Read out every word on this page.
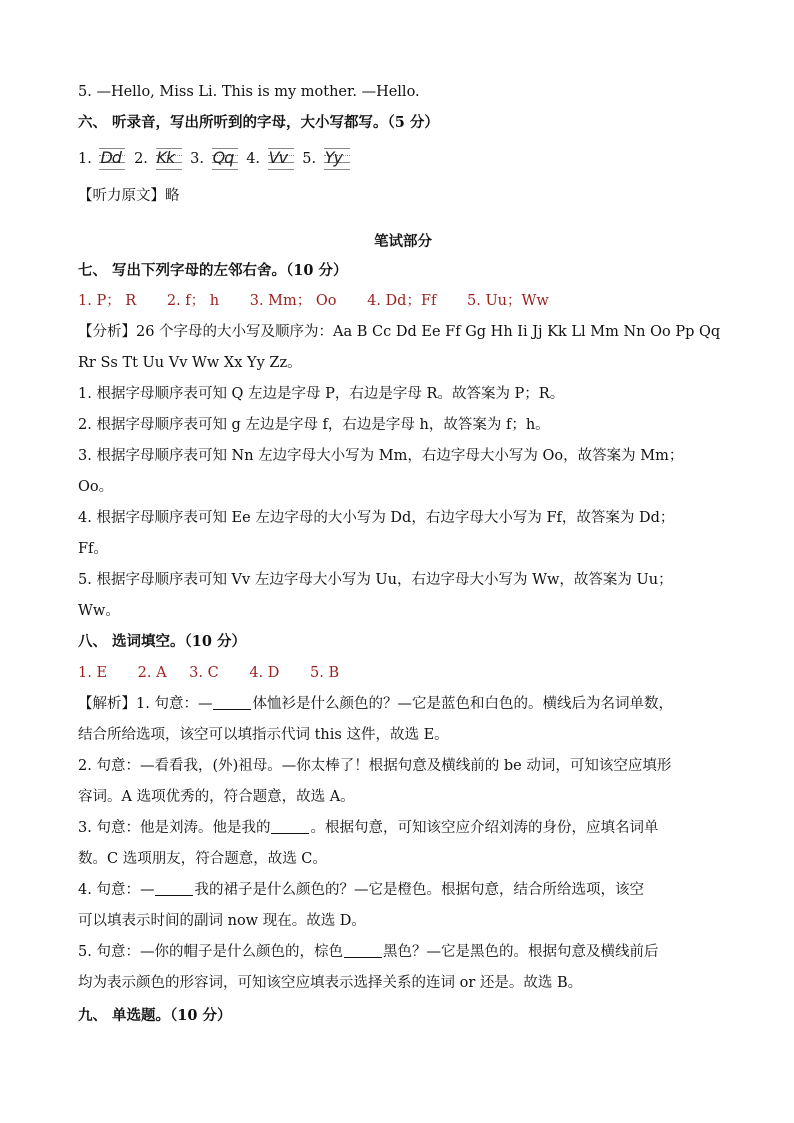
5. —Hello, Miss Li. This is my mother. —Hello.
六、 听录音，写出所听到的字母，大小写都写。（5 分）
1. Dd 2. Kk 3. Qq 4. Vv 5. Yy
【听力原文】略
笔试部分
七、 写出下列字母的左邻右舍。（10 分）
1. P； R 2. f； h 3. Mm； Oo 4. Dd；Ff 5. Uu；Ww
【分析】26 个字母的大小写及顺序为：Aa B Cc Dd Ee Ff Gg Hh Ii Jj Kk Ll Mm Nn Oo Pp Qq
Rr Ss Tt Uu Vv Ww Xx Yy Zz。
1. 根据字母顺序表可知 Q 左边是字母 P，右边是字母 R。故答案为 P；R。
2. 根据字母顺序表可知 g 左边是字母 f，右边是字母 h，故答案为 f；h。
3. 根据字母顺序表可知 Nn 左边字母大小写为 Mm，右边字母大小写为 Oo，故答案为 Mm；
Oo。
4. 根据字母顺序表可知 Ee 左边字母的大小写为 Dd，右边字母大小写为 Ff，故答案为 Dd；
Ff。
5. 根据字母顺序表可知 Vv 左边字母大小写为 Uu，右边字母大小写为 Ww，故答案为 Uu；
Ww。
八、 选词填空。（10 分）
1. E 2. A 3. C 4. D 5. B
【解析】1. 句意：—	体恤衫是什么颜色的？—它是蓝色和白色的。横线后为名词单数，
结合所给选项，该空可以填指示代词 this 这件，故选 E。
2. 句意：—看看我，(外)祖母。—你太棒了！根据句意及横线前的 be 动词，可知该空应填形
容词。A 选项优秀的，符合题意，故选 A。
3. 句意：他是刘涛。他是我的	。根据句意，可知该空应介绍刘涛的身份，应填名词单
数。C 选项朋友，符合题意，故选 C。
4. 句意：—	我的裙子是什么颜色的？—它是橙色。根据句意，结合所给选项，该空
可以填表示时间的副词 now 现在。故选 D。
5. 句意：—你的帽子是什么颜色的，棕色	黑色？—它是黑色的。根据句意及横线前后
均为表示颜色的形容词，可知该空应填表示选择关系的连词 or 还是。故选 B。
九、 单选题。（10 分）
